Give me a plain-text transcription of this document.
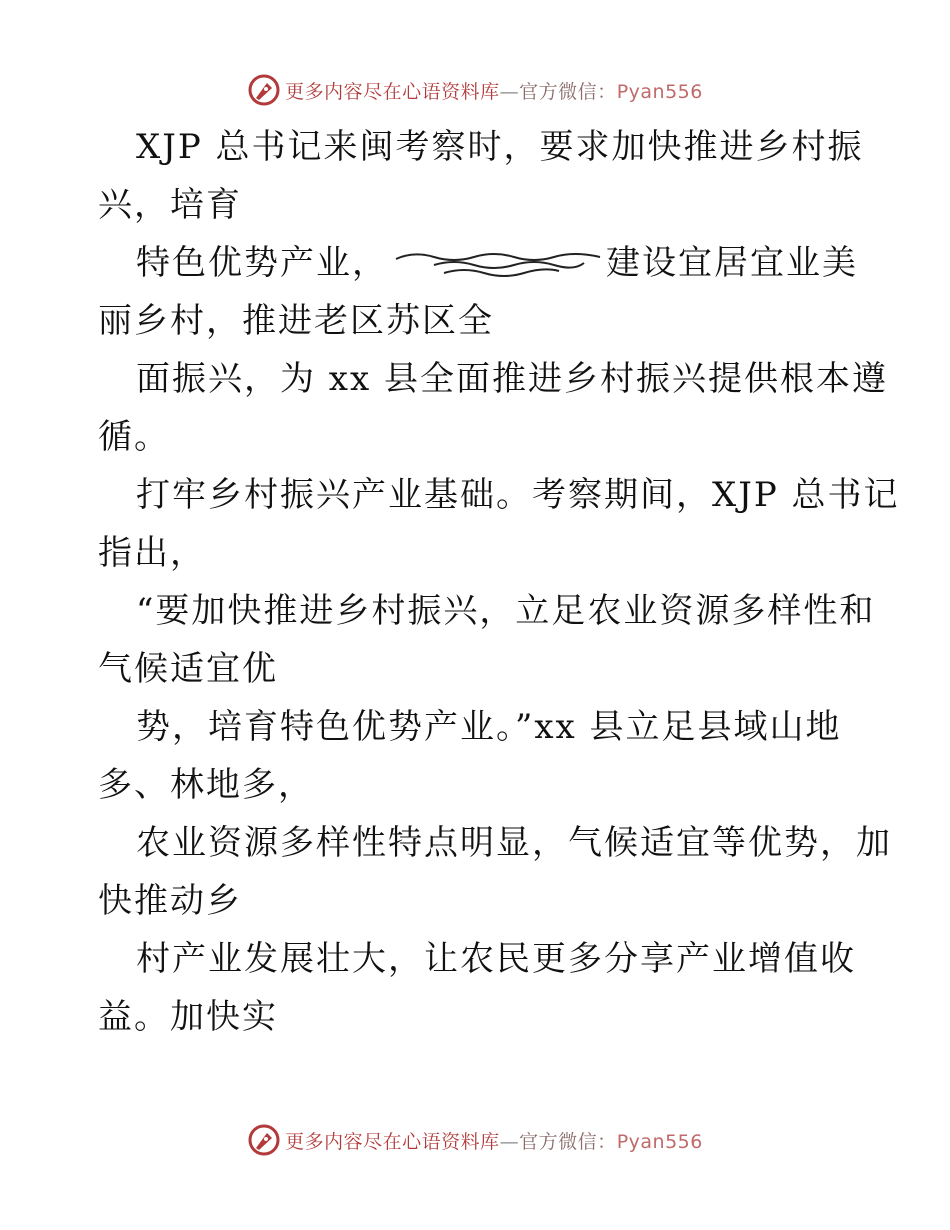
更多内容尽在心语资料库—官方微信：Pyan556
XJP 总书记来闽考察时，要求加快推进乡村振
兴，培育
特色优势产业，	建设宜居宜业美
丽乡村，推进老区苏区全
面振兴，为 xx 县全面推进乡村振兴提供根本遵
循。
打牢乡村振兴产业基础。考察期间，XJP 总书记
指出，
“要加快推进乡村振兴，立足农业资源多样性和
气候适宜优
势，培育特色优势产业。”xx 县立足县域山地
多、林地多，
农业资源多样性特点明显，气候适宜等优势，加
快推动乡
村产业发展壮大，让农民更多分享产业增值收
益。加快实
更多内容尽在心语资料库—官方微信：Pyan556
